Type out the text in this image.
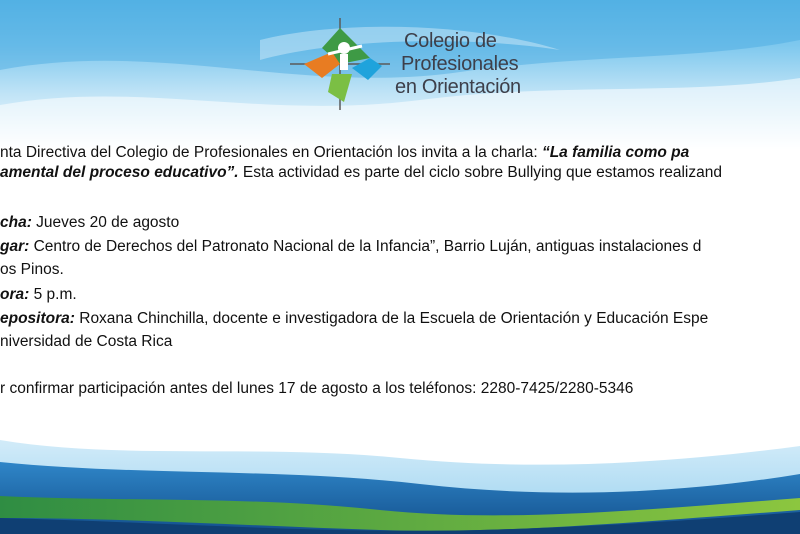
Colegio de
Profesionales
en Orientación
nta Directiva del Colegio de Profesionales en Orientación los invita a la charla: “La familia como pa
amental del proceso educativo”. Esta actividad es parte del ciclo sobre Bullying que estamos realizand
cha: Jueves 20 de agosto
gar: Centro de Derechos del Patronato Nacional de la Infancia”, Barrio Luján, antiguas instalaciones d
os Pinos.
ora: 5 p.m.
epositora: Roxana Chinchilla, docente e investigadora de la Escuela de Orientación y Educación Espe
niversidad de Costa Rica
r confirmar participación antes del lunes 17 de agosto a los teléfonos: 2280-7425/2280-5346
